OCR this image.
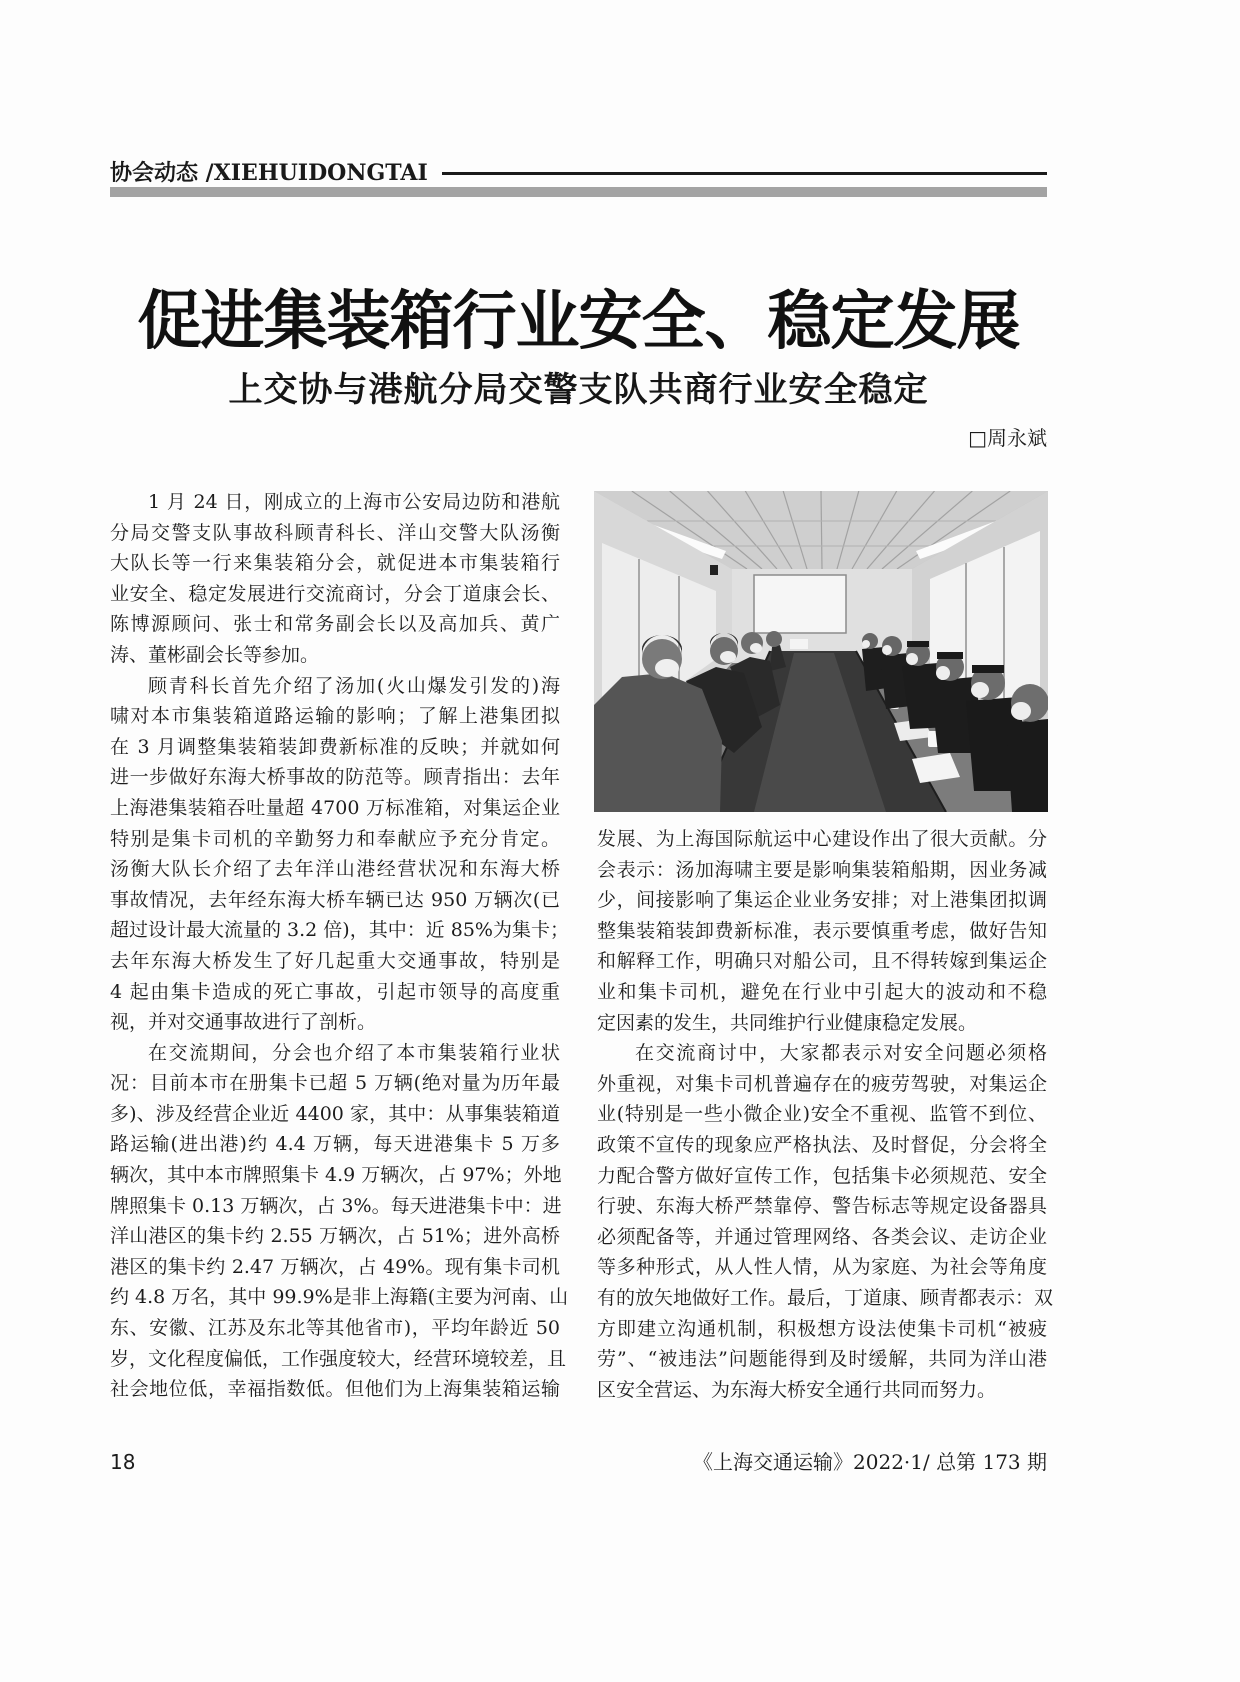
协会动态 /XIEHUIDONGTAI
促进集装箱行业安全、稳定发展
上交协与港航分局交警支队共商行业安全稳定
□周永斌
1 月 24 日，刚成立的上海市公安局边防和港航
分局交警支队事故科顾青科长、洋山交警大队汤衡
大队长等一行来集装箱分会，就促进本市集装箱行
业安全、稳定发展进行交流商讨，分会丁道康会长、
陈博源顾问、张士和常务副会长以及高加兵、黄广
涛、董彬副会长等参加。
顾青科长首先介绍了汤加(火山爆发引发的)海
啸对本市集装箱道路运输的影响；了解上港集团拟
在 3 月调整集装箱装卸费新标准的反映；并就如何
进一步做好东海大桥事故的防范等。顾青指出：去年
上海港集装箱吞吐量超 4700 万标准箱，对集运企业
特别是集卡司机的辛勤努力和奉献应予充分肯定。
汤衡大队长介绍了去年洋山港经营状况和东海大桥
事故情况，去年经东海大桥车辆已达 950 万辆次(已
超过设计最大流量的 3.2 倍)，其中：近 85%为集卡；
去年东海大桥发生了好几起重大交通事故，特别是
4 起由集卡造成的死亡事故，引起市领导的高度重
视，并对交通事故进行了剖析。
在交流期间，分会也介绍了本市集装箱行业状
况：目前本市在册集卡已超 5 万辆(绝对量为历年最
多)、涉及经营企业近 4400 家，其中：从事集装箱道
路运输(进出港)约 4.4 万辆，每天进港集卡 5 万多
辆次，其中本市牌照集卡 4.9 万辆次，占 97%；外地
牌照集卡 0.13 万辆次，占 3%。每天进港集卡中：进
洋山港区的集卡约 2.55 万辆次，占 51%；进外高桥
港区的集卡约 2.47 万辆次，占 49%。现有集卡司机
约 4.8 万名，其中 99.9%是非上海籍(主要为河南、山
东、安徽、江苏及东北等其他省市)，平均年龄近 50
岁，文化程度偏低，工作强度较大，经营环境较差，且
社会地位低，幸福指数低。但他们为上海集装箱运输
发展、为上海国际航运中心建设作出了很大贡献。分
会表示：汤加海啸主要是影响集装箱船期，因业务减
少，间接影响了集运企业业务安排；对上港集团拟调
整集装箱装卸费新标准，表示要慎重考虑，做好告知
和解释工作，明确只对船公司，且不得转嫁到集运企
业和集卡司机，避免在行业中引起大的波动和不稳
定因素的发生，共同维护行业健康稳定发展。
在交流商讨中，大家都表示对安全问题必须格
外重视，对集卡司机普遍存在的疲劳驾驶，对集运企
业(特别是一些小微企业)安全不重视、监管不到位、
政策不宣传的现象应严格执法、及时督促，分会将全
力配合警方做好宣传工作，包括集卡必须规范、安全
行驶、东海大桥严禁靠停、警告标志等规定设备器具
必须配备等，并通过管理网络、各类会议、走访企业
等多种形式，从人性人情，从为家庭、为社会等角度
有的放矢地做好工作。最后，丁道康、顾青都表示：双
方即建立沟通机制，积极想方设法使集卡司机“被疲
劳”、“被违法”问题能得到及时缓解，共同为洋山港
区安全营运、为东海大桥安全通行共同而努力。
18	《上海交通运输》2022·1/ 总第 173 期
